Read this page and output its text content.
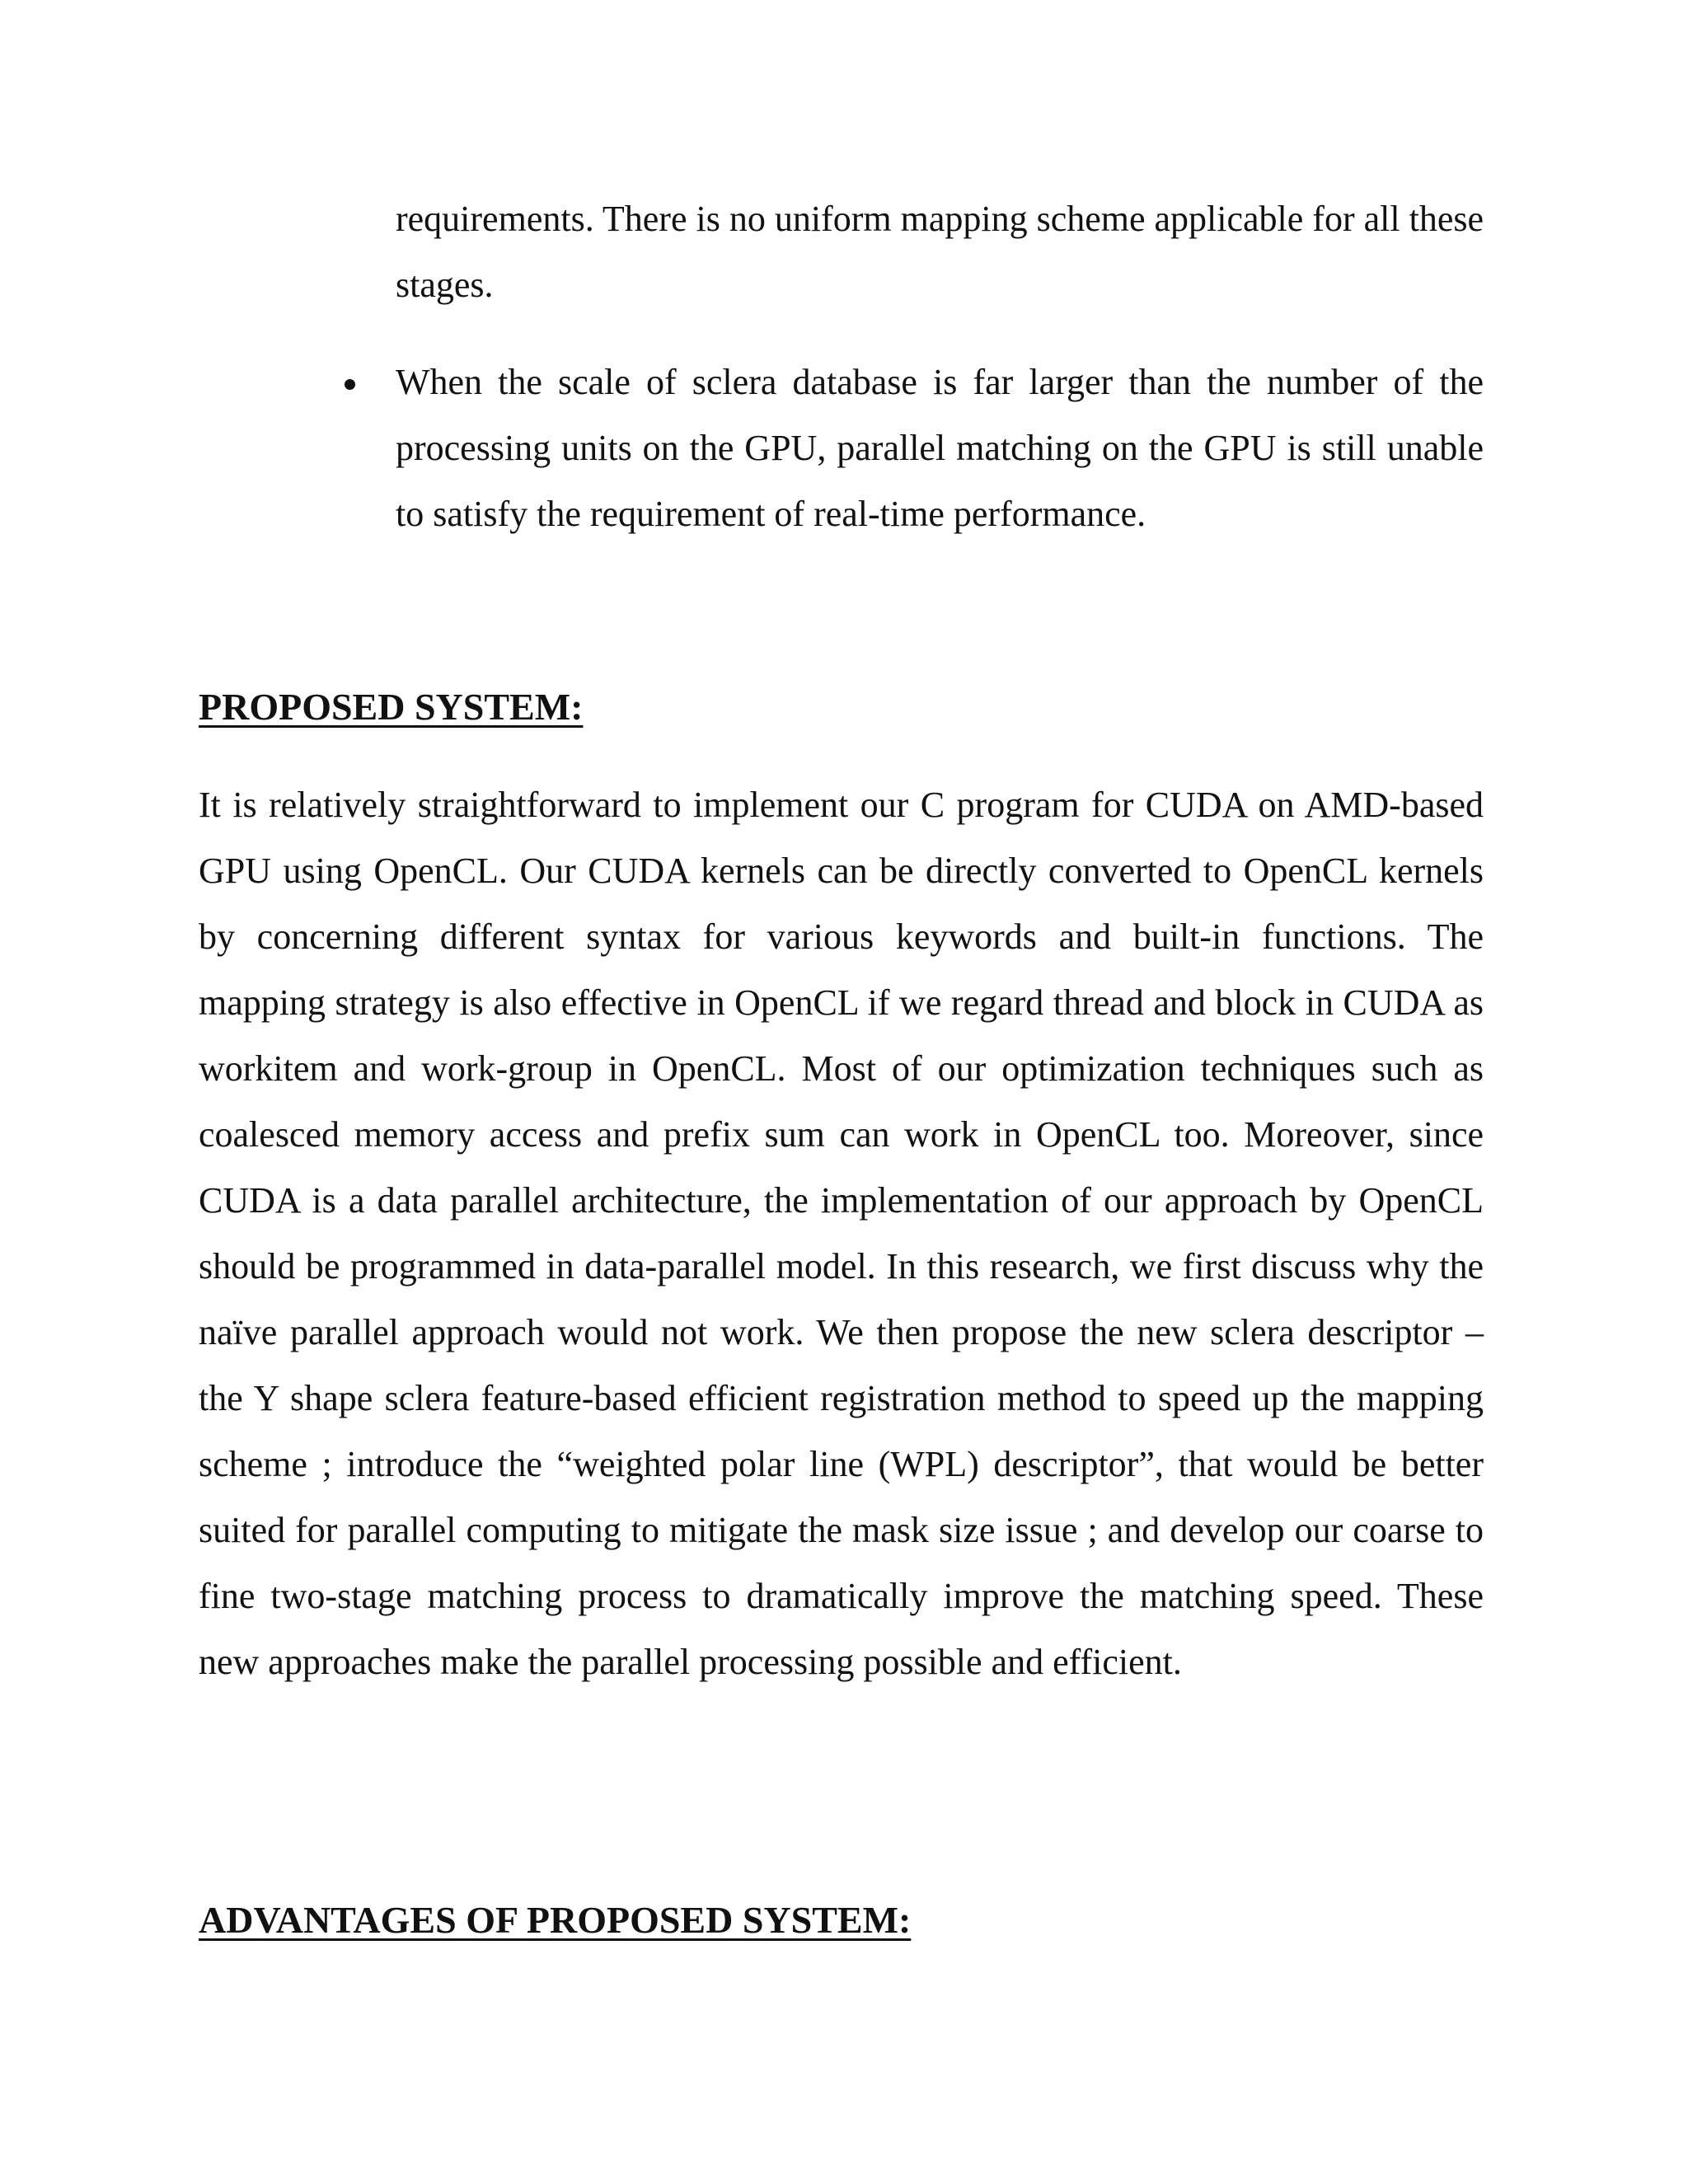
requirements. There is no uniform mapping scheme applicable for all these stages.
When the scale of sclera database is far larger than the number of the processing units on the GPU, parallel matching on the GPU is still unable to satisfy the requirement of real-time performance.
PROPOSED SYSTEM:
It is relatively straightforward to implement our C program for CUDA on AMD-based GPU using OpenCL. Our CUDA kernels can be directly converted to OpenCL kernels by concerning different syntax for various keywords and built-in functions. The mapping strategy is also effective in OpenCL if we regard thread and block in CUDA as workitem and work-group in OpenCL. Most of our optimization techniques such as coalesced memory access and prefix sum can work in OpenCL too. Moreover, since CUDA is a data parallel architecture, the implementation of our approach by OpenCL should be programmed in data-parallel model. In this research, we first discuss why the naïve parallel approach would not work. We then propose the new sclera descriptor – the Y shape sclera feature-based efficient registration method to speed up the mapping scheme ; introduce the “weighted polar line (WPL) descriptor”, that would be better suited for parallel computing to mitigate the mask size issue ; and develop our coarse to fine two-stage matching process to dramatically improve the matching speed. These new approaches make the parallel processing possible and efficient.
ADVANTAGES OF PROPOSED SYSTEM:
